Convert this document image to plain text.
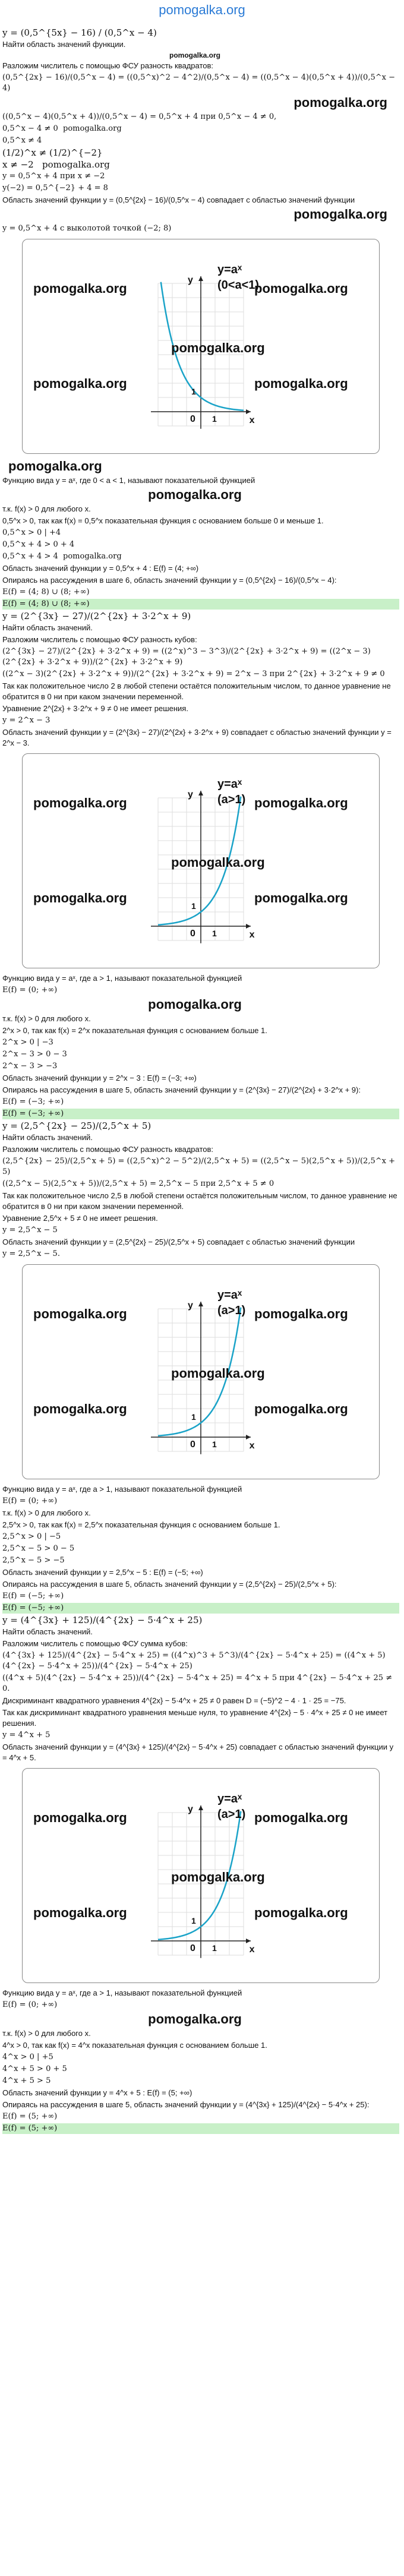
pomogalka.org
y = (0,5^{5x} − 16) / (0,5^x − 4)
Найти область значений функции.
pomogalka.org
Разложим числитель с помощью ФСУ разность квадратов:
(0,5^{2x} − 16)/(0,5^x − 4) = ((0,5^x)^2 − 4^2)/(0,5^x − 4) = ((0,5^x − 4)(0,5^x + 4))/(0,5^x − 4)
pomogalka.org
((0,5^x − 4)(0,5^x + 4))/(0,5^x − 4) = 0,5^x + 4 при 0,5^x − 4 ≠ 0,
0,5^x − 4 ≠ 0  pomogalka.org
0,5^x ≠ 4
(1/2)^x ≠ (1/2)^{−2}
x ≠ −2   pomogalka.org
y = 0,5^x + 4 при x ≠ −2
y(−2) = 0,5^{−2} + 4 = 8
Область значений функции y = (0,5^{2x} − 16)/(0,5^x − 4) совпадает с областью значений функции
pomogalka.org
y = 0,5^x + 4 с выколотой точкой (−2; 8)
y=aˣ
(0<a<1)
y
x
0
1
1
pomogalka.org	pomogalka.org
pomogalka.org	pomogalka.org
pomogalka.org
pomogalka.org
Функцию вида y = aˣ, где 0 < a < 1, называют показательной функцией
pomogalka.org
т.к. f(x) > 0 для любого x.
0,5^x > 0, так как f(x) = 0,5^x показательная функция с основанием больше 0 и меньше 1.
0,5^x > 0 | +4
0,5^x + 4 > 0 + 4
0,5^x + 4 > 4  pomogalka.org
Область значений функции y = 0,5^x + 4 : E(f) = (4; +∞)
Опираясь на рассуждения в шаге 6, область значений функции y = (0,5^{2x} − 16)/(0,5^x − 4):
E(f) = (4; 8) ∪ (8; +∞)
E(f) = (4; 8) ∪ (8; +∞)
y = (2^{3x} − 27)/(2^{2x} + 3·2^x + 9)
Найти область значений.
Разложим числитель с помощью ФСУ разность кубов:
(2^{3x} − 27)/(2^{2x} + 3·2^x + 9) = ((2^x)^3 − 3^3)/(2^{2x} + 3·2^x + 9) = ((2^x − 3)(2^{2x} + 3·2^x + 9))/(2^{2x} + 3·2^x + 9)
((2^x − 3)(2^{2x} + 3·2^x + 9))/(2^{2x} + 3·2^x + 9) = 2^x − 3 при 2^{2x} + 3·2^x + 9 ≠ 0
Так как положительное число 2 в любой степени остаётся положительным числом, то данное уравнение не обратится в 0 ни при каком значении переменной.
Уравнение 2^{2x} + 3·2^x + 9 ≠ 0 не имеет решения.
y = 2^x − 3
Область значений функции y = (2^{3x} − 27)/(2^{2x} + 3·2^x + 9) совпадает с областью значений функции y = 2^x − 3.
y=aˣ
(a>1)
y
x
0
1
1
pomogalka.org	pomogalka.org
pomogalka.org	pomogalka.org
pomogalka.org
Функцию вида y = aˣ, где a > 1, называют показательной функцией
E(f) = (0; +∞)
pomogalka.org
т.к. f(x) > 0 для любого x.
2^x > 0, так как f(x) = 2^x показательная функция с основанием больше 1.
2^x > 0 | −3
2^x − 3 > 0 − 3
2^x − 3 > −3
Область значений функции y = 2^x − 3 : E(f) = (−3; +∞)
Опираясь на рассуждения в шаге 5, область значений функции y = (2^{3x} − 27)/(2^{2x} + 3·2^x + 9):
E(f) = (−3; +∞)
E(f) = (−3; +∞)
y = (2,5^{2x} − 25)/(2,5^x + 5)
Найти область значений.
Разложим числитель с помощью ФСУ разность квадратов:
(2,5^{2x} − 25)/(2,5^x + 5) = ((2,5^x)^2 − 5^2)/(2,5^x + 5) = ((2,5^x − 5)(2,5^x + 5))/(2,5^x + 5)
((2,5^x − 5)(2,5^x + 5))/(2,5^x + 5) = 2,5^x − 5 при 2,5^x + 5 ≠ 0
Так как положительное число 2,5 в любой степени остаётся положительным числом, то данное уравнение не обратится в 0 ни при каком значении переменной.
Уравнение 2,5^x + 5 ≠ 0 не имеет решения.
y = 2,5^x − 5
Область значений функции y = (2,5^{2x} − 25)/(2,5^x + 5) совпадает с областью значений функции
y = 2,5^x − 5.
y=aˣ
(a>1)
y
x
0
1
1
pomogalka.org	pomogalka.org
pomogalka.org	pomogalka.org
pomogalka.org
Функцию вида y = aˣ, где a > 1, называют показательной функцией
E(f) = (0; +∞)
т.к. f(x) > 0 для любого x.
2,5^x > 0, так как f(x) = 2,5^x показательная функция с основанием больше 1.
2,5^x > 0 | −5
2,5^x − 5 > 0 − 5
2,5^x − 5 > −5
Область значений функции y = 2,5^x − 5 : E(f) = (−5; +∞)
Опираясь на рассуждения в шаге 5, область значений функции y = (2,5^{2x} − 25)/(2,5^x + 5):
E(f) = (−5; +∞)
E(f) = (−5; +∞)
y = (4^{3x} + 125)/(4^{2x} − 5·4^x + 25)
Найти область значений.
Разложим числитель с помощью ФСУ сумма кубов:
(4^{3x} + 125)/(4^{2x} − 5·4^x + 25) = ((4^x)^3 + 5^3)/(4^{2x} − 5·4^x + 25) = ((4^x + 5)(4^{2x} − 5·4^x + 25))/(4^{2x} − 5·4^x + 25)
((4^x + 5)(4^{2x} − 5·4^x + 25))/(4^{2x} − 5·4^x + 25) = 4^x + 5 при 4^{2x} − 5·4^x + 25 ≠ 0.
Дискриминант квадратного уравнения 4^{2x} − 5·4^x + 25 ≠ 0 равен D = (−5)^2 − 4 · 1 · 25 = −75.
Так как дискриминант квадратного уравнения меньше нуля, то уравнение 4^{2x} − 5 · 4^x + 25 ≠ 0 не имеет решения.
y = 4^x + 5
Область значений функции y = (4^{3x} + 125)/(4^{2x} − 5·4^x + 25) совпадает с областью значений функции y = 4^x + 5.
y=aˣ
(a>1)
y
x
0
1
1
pomogalka.org	pomogalka.org
pomogalka.org	pomogalka.org
pomogalka.org
Функцию вида y = aˣ, где a > 1, называют показательной функцией
E(f) = (0; +∞)
pomogalka.org
т.к. f(x) > 0 для любого x.
4^x > 0, так как f(x) = 4^x показательная функция с основанием больше 1.
4^x > 0 | +5
4^x + 5 > 0 + 5
4^x + 5 > 5
Область значений функции y = 4^x + 5 : E(f) = (5; +∞)
Опираясь на рассуждения в шаге 5, область значений функции y = (4^{3x} + 125)/(4^{2x} − 5·4^x + 25):
E(f) = (5; +∞)
E(f) = (5; +∞)
